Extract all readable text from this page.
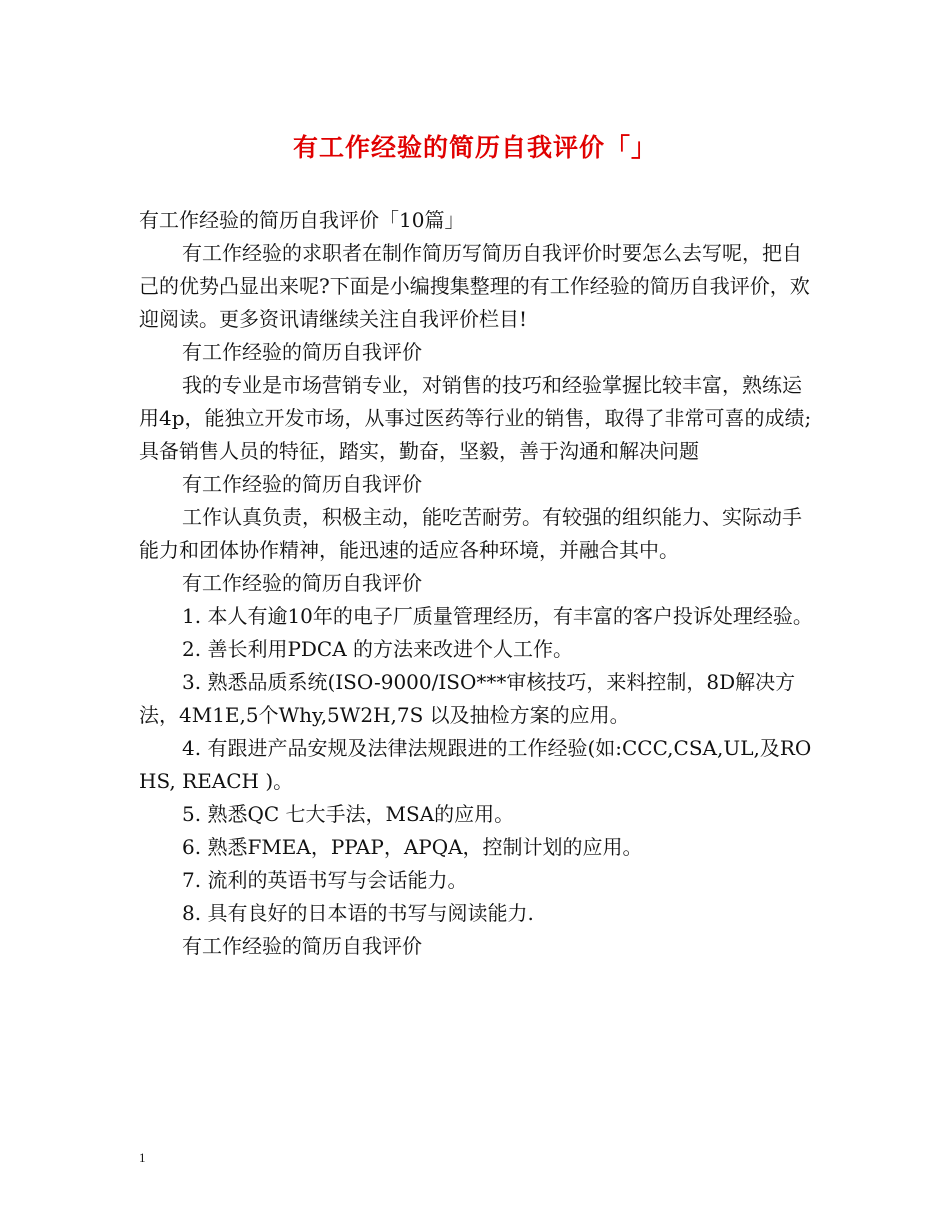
有工作经验的简历自我评价「」

有工作经验的简历自我评价「10篇」

有工作经验的求职者在制作简历写简历自我评价时要怎么去写呢，把自己的优势凸显出来呢?下面是小编搜集整理的有工作经验的简历自我评价，欢迎阅读。更多资讯请继续关注自我评价栏目!

有工作经验的简历自我评价

我的专业是市场营销专业，对销售的技巧和经验掌握比较丰富，熟练运用4p，能独立开发市场，从事过医药等行业的销售，取得了非常可喜的成绩;具备销售人员的特征，踏实，勤奋，坚毅，善于沟通和解决问题

有工作经验的简历自我评价

工作认真负责，积极主动，能吃苦耐劳。有较强的组织能力、实际动手能力和团体协作精神，能迅速的适应各种环境，并融合其中。

有工作经验的简历自我评价

1. 本人有逾10年的电子厂质量管理经历，有丰富的客户投诉处理经验。

2. 善长利用PDCA 的方法来改进个人工作。

3. 熟悉品质系统(ISO-9000/ISO***审核技巧，来料控制，8D解决方法，4M1E,5个Why,5W2H,7S 以及抽检方案的应用。

4. 有跟进产品安规及法律法规跟进的工作经验(如:CCC,CSA,UL,及ROHS, REACH )。

5. 熟悉QC 七大手法，MSA的应用。

6. 熟悉FMEA，PPAP，APQA，控制计划的应用。

7. 流利的英语书写与会话能力。

8. 具有良好的日本语的书写与阅读能力.

有工作经验的简历自我评价

1
